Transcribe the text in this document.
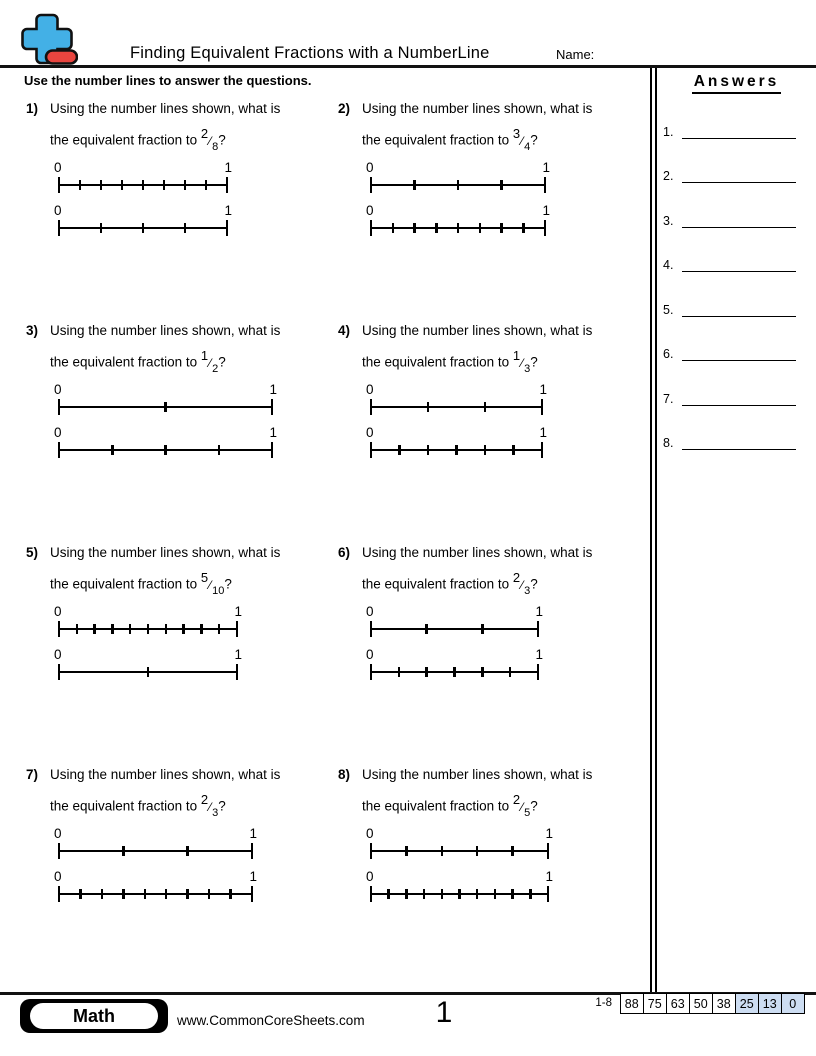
Finding Equivalent Fractions with a NumberLine	Name:
Use the number lines to answer the questions.
1) Using the number lines shown, what is
the equivalent fraction to $^2⁄_8$?
0	1
0	1
2) Using the number lines shown, what is
the equivalent fraction to $^3⁄_4$?
0	1
0	1
3) Using the number lines shown, what is
the equivalent fraction to $^1⁄_2$?
0	1
0	1
4) Using the number lines shown, what is
the equivalent fraction to $^1⁄_3$?
0	1
0	1
5) Using the number lines shown, what is
the equivalent fraction to $^5⁄_{10}$?
0	1
0	1
6) Using the number lines shown, what is
the equivalent fraction to $^2⁄_3$?
0	1
0	1
7) Using the number lines shown, what is
the equivalent fraction to $^2⁄_3$?
0	1
0	1
8) Using the number lines shown, what is
the equivalent fraction to $^2⁄_5$?
0	1
0	1
Answers
1.
2.
3.
4.
5.
6.
7.
8.
Math	www.CommonCoreSheets.com	1	1-8	88 75 63 50 38 25 13	0
